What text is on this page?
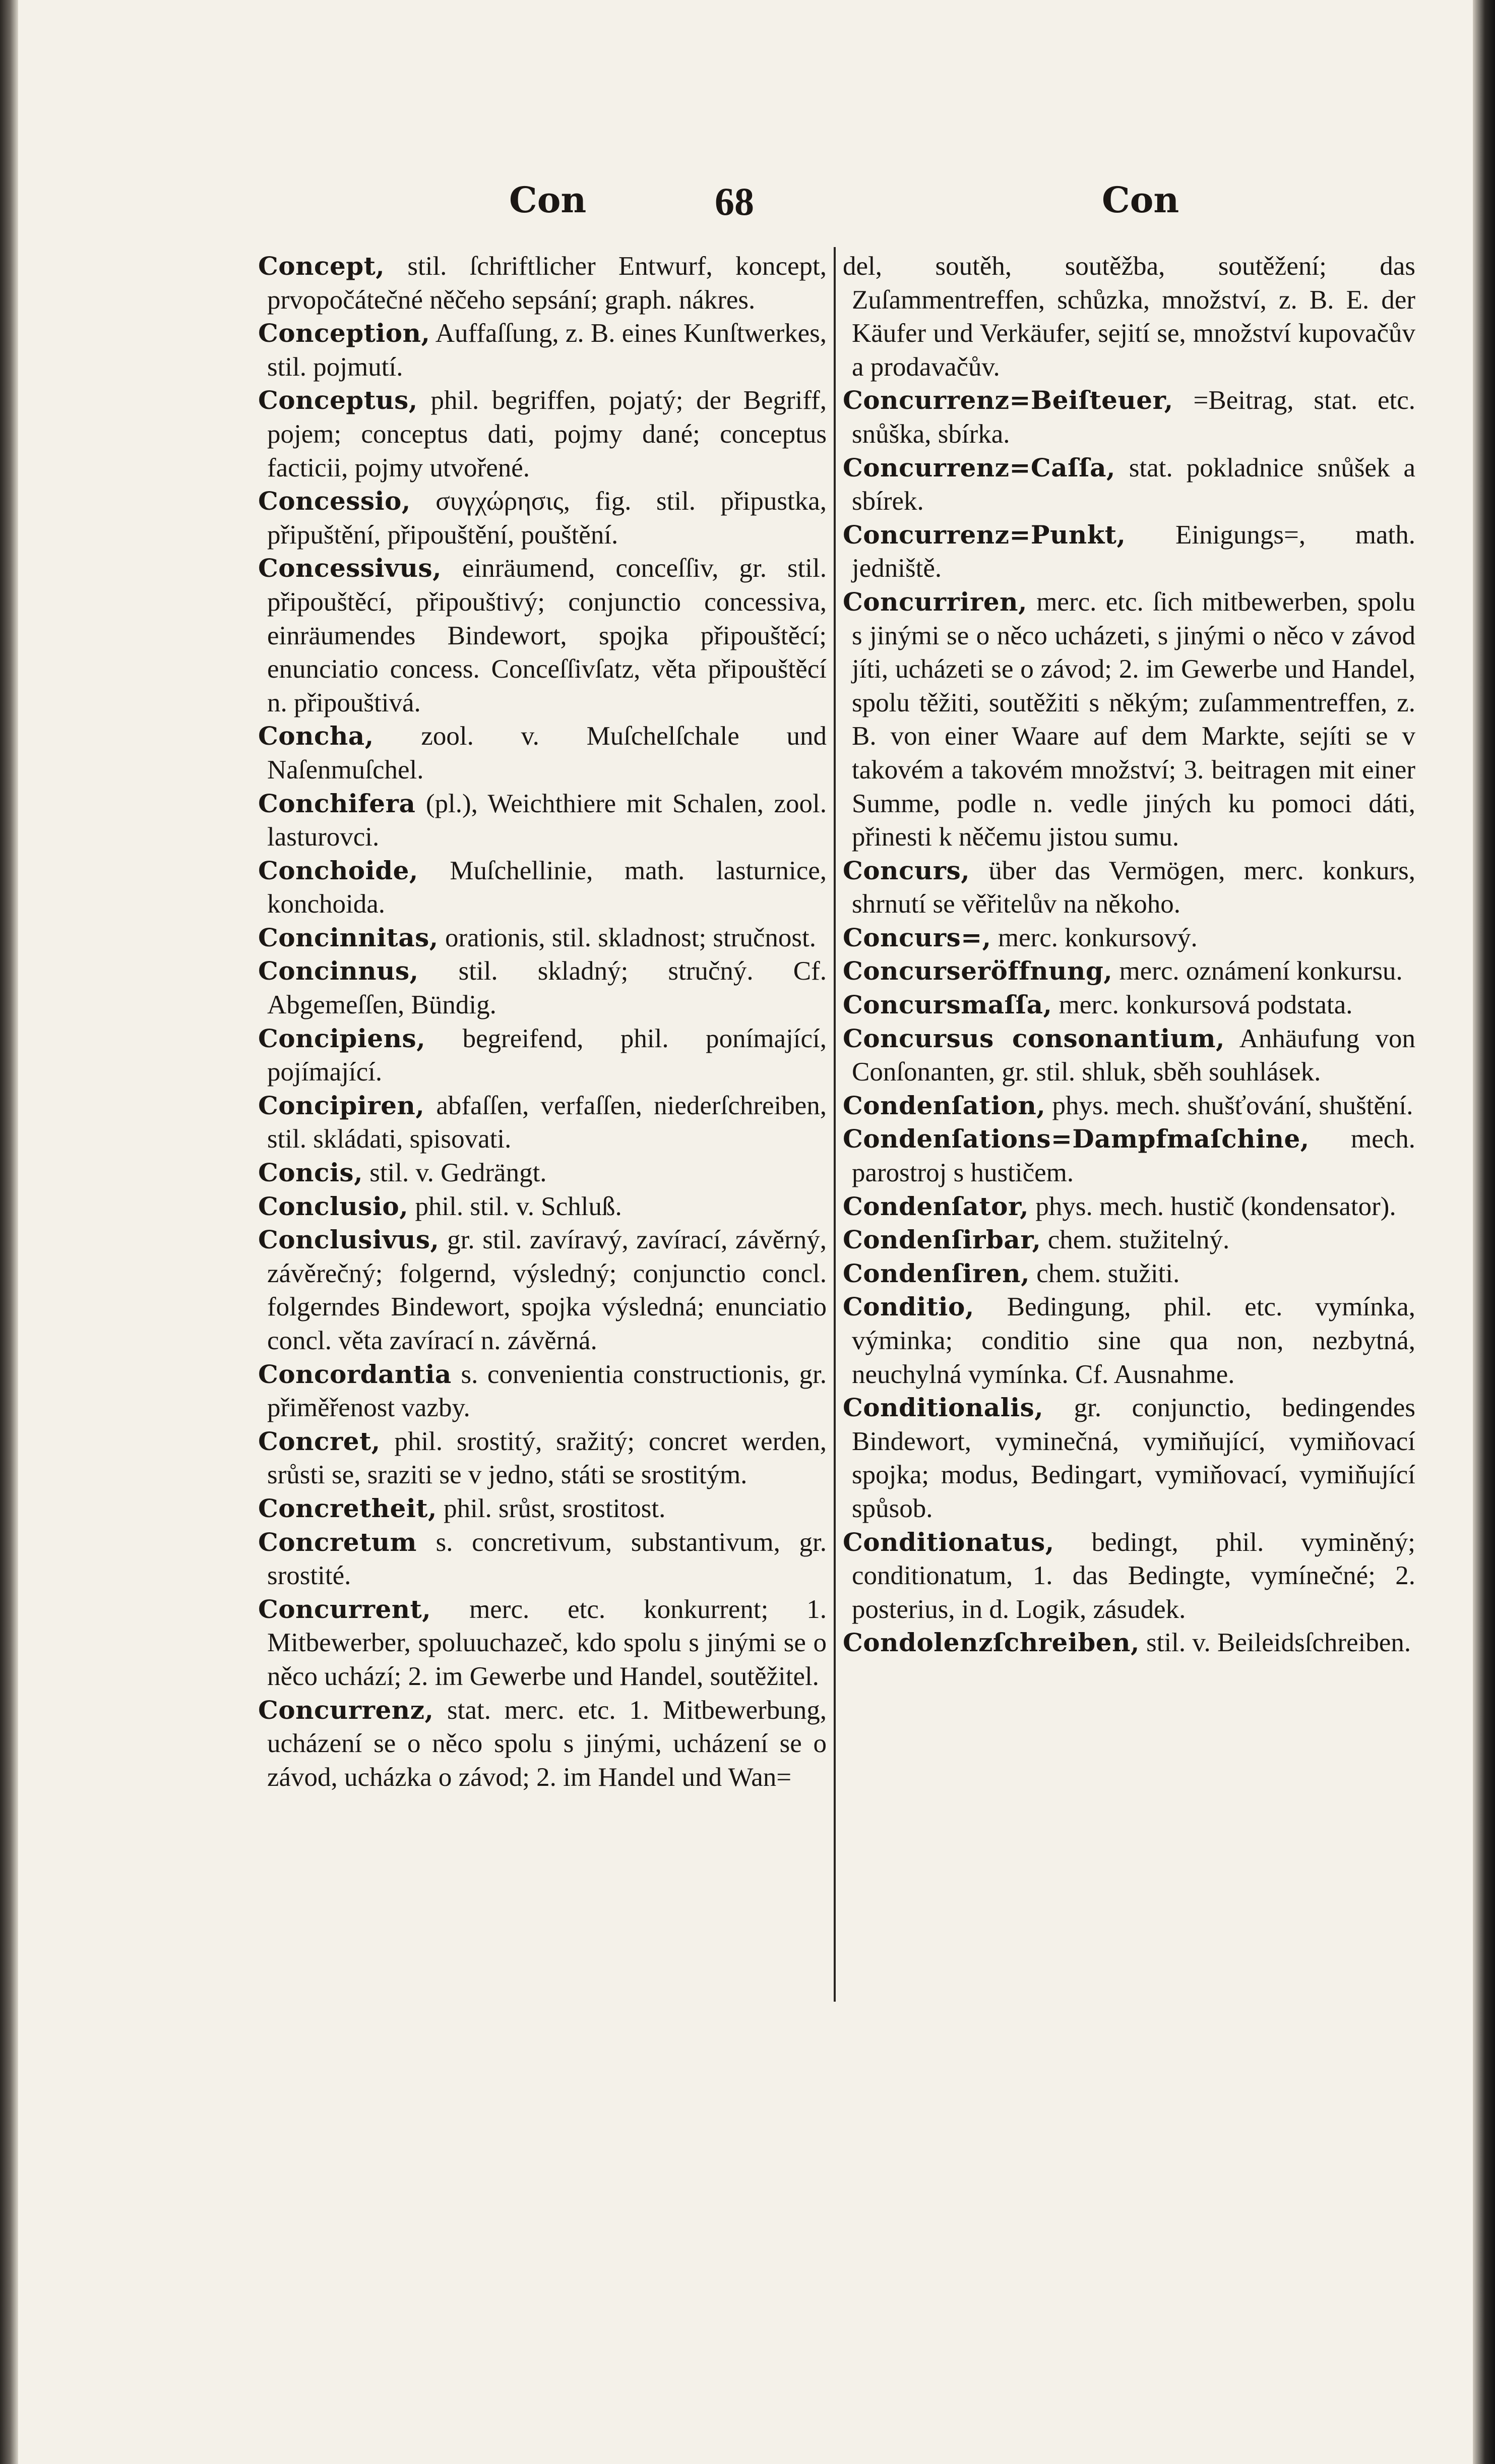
Con	68	Con

Concept, stil. ſchriftlicher Entwurf, koncept, prvopočátečné něčeho sepsání; graph. nákres.

Conception, Auffaſſung, z. B. eines Kunſtwerkes, stil. pojmutí.

Conceptus, phil. begriffen, pojatý; der Begriff, pojem; conceptus dati, pojmy dané; conceptus facticii, pojmy utvořené.

Concessio, συγχώρησις, fig. stil. připustka, připuštění, připouštění, pouštění.

Concessivus, einräumend, conceſſiv, gr. stil. připouštěcí, připouštivý; conjunctio concessiva, einräumendes Bindewort, spojka připouštěcí; enunciatio concess. Conceſſivſatz, věta připouštěcí n. připouštivá.

Concha, zool. v. Muſchelſchale und Naſenmuſchel.

Conchifera (pl.), Weichthiere mit Schalen, zool. lasturovci.

Conchoide, Muſchellinie, math. lasturnice, konchoida.

Concinnitas, orationis, stil. skladnost; stručnost.

Concinnus, stil. skladný; stručný. Cf. Abgemeſſen, Bündig.

Concipiens, begreifend, phil. ponímající, pojímající.

Concipiren, abfaſſen, verfaſſen, niederſchreiben, stil. skládati, spisovati.

Concis, stil. v. Gedrängt.

Conclusio, phil. stil. v. Schluß.

Conclusivus, gr. stil. zavíravý, zavírací, závěrný, závěrečný; folgernd, výsledný; conjunctio concl. folgerndes Bindewort, spojka výsledná; enunciatio concl. věta zavírací n. závěrná.

Concordantia s. convenientia constructionis, gr. přiměřenost vazby.

Concret, phil. srostitý, sražitý; concret werden, srůsti se, sraziti se v jedno, státi se srostitým.

Concretheit, phil. srůst, srostitost.

Concretum s. concretivum, substantivum, gr. srostité.

Concurrent, merc. etc. konkurrent; 1. Mitbewerber, spoluuchazeč, kdo spolu s jinými se o něco uchází; 2. im Gewerbe und Handel, soutěžitel.

Concurrenz, stat. merc. etc. 1. Mitbewerbung, ucházení se o něco spolu s jinými, ucházení se o závod, ucházka o závod; 2. im Handel und Wan=

del, soutěh, soutěžba, soutěžení; das Zuſammentreffen, schůzka, množství, z. B. E. der Käufer und Verkäufer, sejití se, množství kupovačův a prodavačův.

Concurrenz=Beiſteuer, =Beitrag, stat. etc. snůška, sbírka.

Concurrenz=Caſſa, stat. pokladnice snůšek a sbírek.

Concurrenz=Punkt, Einigungs=, math. jedniště.

Concurriren, merc. etc. ſich mitbewerben, spolu s jinými se o něco ucházeti, s jinými o něco v závod jíti, ucházeti se o závod; 2. im Gewerbe und Handel, spolu těžiti, soutěžiti s někým; zuſammentreffen, z. B. von einer Waare auf dem Markte, sejíti se v takovém a takovém množství; 3. beitragen mit einer Summe, podle n. vedle jiných ku pomoci dáti, přinesti k něčemu jistou sumu.

Concurs, über das Vermögen, merc. konkurs, shrnutí se věřitelův na někoho.

Concurs=, merc. konkursový.

Concurseröffnung, merc. oznámení konkursu.

Concursmaſſa, merc. konkursová podstata.

Concursus consonantium, Anhäufung von Conſonanten, gr. stil. shluk, sběh souhlásek.

Condenſation, phys. mech. shušťování, shuštění.

Condenſations=Dampfmaſchine, mech. parostroj s hustičem.

Condenſator, phys. mech. hustič (kondensator).

Condenſirbar, chem. stužitelný.

Condenſiren, chem. stužiti.

Conditio, Bedingung, phil. etc. vymínka, výminka; conditio sine qua non, nezbytná, neuchylná vymínka. Cf. Ausnahme.

Conditionalis, gr. conjunctio, bedingendes Bindewort, vyminečná, vymiňující, vymiňovací spojka; modus, Bedingart, vymiňovací, vymiňující spůsob.

Conditionatus, bedingt, phil. vyminěný; conditionatum, 1. das Bedingte, vymínečné; 2. posterius, in d. Logik, zásudek.

Condolenzſchreiben, stil. v. Beileidsſchreiben.
